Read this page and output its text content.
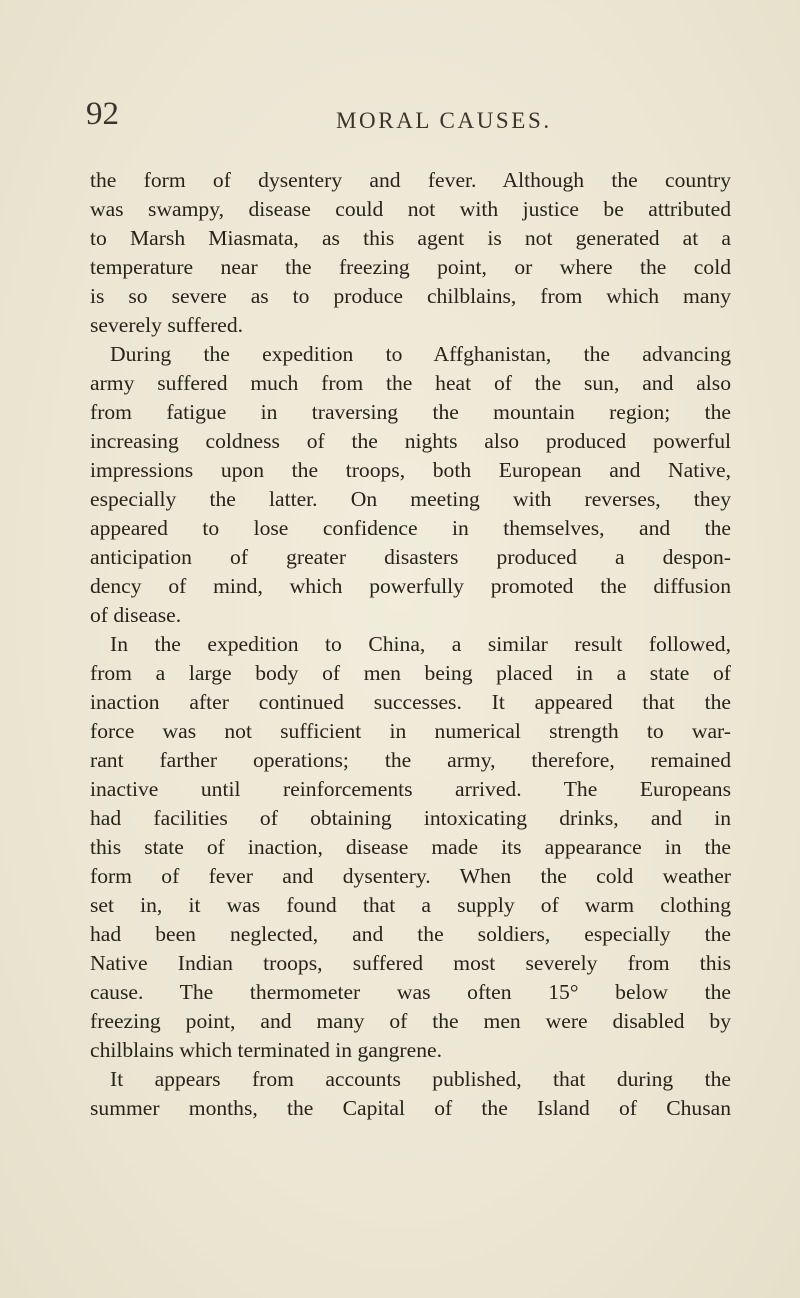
92	MORAL CAUSES.
the form of dysentery and fever. Although the country
was swampy, disease could not with justice be attributed
to Marsh Miasmata, as this agent is not generated at a
temperature near the freezing point, or where the cold
is so severe as to produce chilblains, from which many
severely suffered.
During the expedition to Affghanistan, the advancing
army suffered much from the heat of the sun, and also
from fatigue in traversing the mountain region; the
increasing coldness of the nights also produced powerful
impressions upon the troops, both European and Native,
especially the latter. On meeting with reverses, they
appeared to lose confidence in themselves, and the
anticipation of greater disasters produced a despon-
dency of mind, which powerfully promoted the diffusion
of disease.
In the expedition to China, a similar result followed,
from a large body of men being placed in a state of
inaction after continued successes. It appeared that the
force was not sufficient in numerical strength to war-
rant farther operations; the army, therefore, remained
inactive until reinforcements arrived. The Europeans
had facilities of obtaining intoxicating drinks, and in
this state of inaction, disease made its appearance in the
form of fever and dysentery. When the cold weather
set in, it was found that a supply of warm clothing
had been neglected, and the soldiers, especially the
Native Indian troops, suffered most severely from this
cause. The thermometer was often 15° below the
freezing point, and many of the men were disabled by
chilblains which terminated in gangrene.
It appears from accounts published, that during the
summer months, the Capital of the Island of Chusan
